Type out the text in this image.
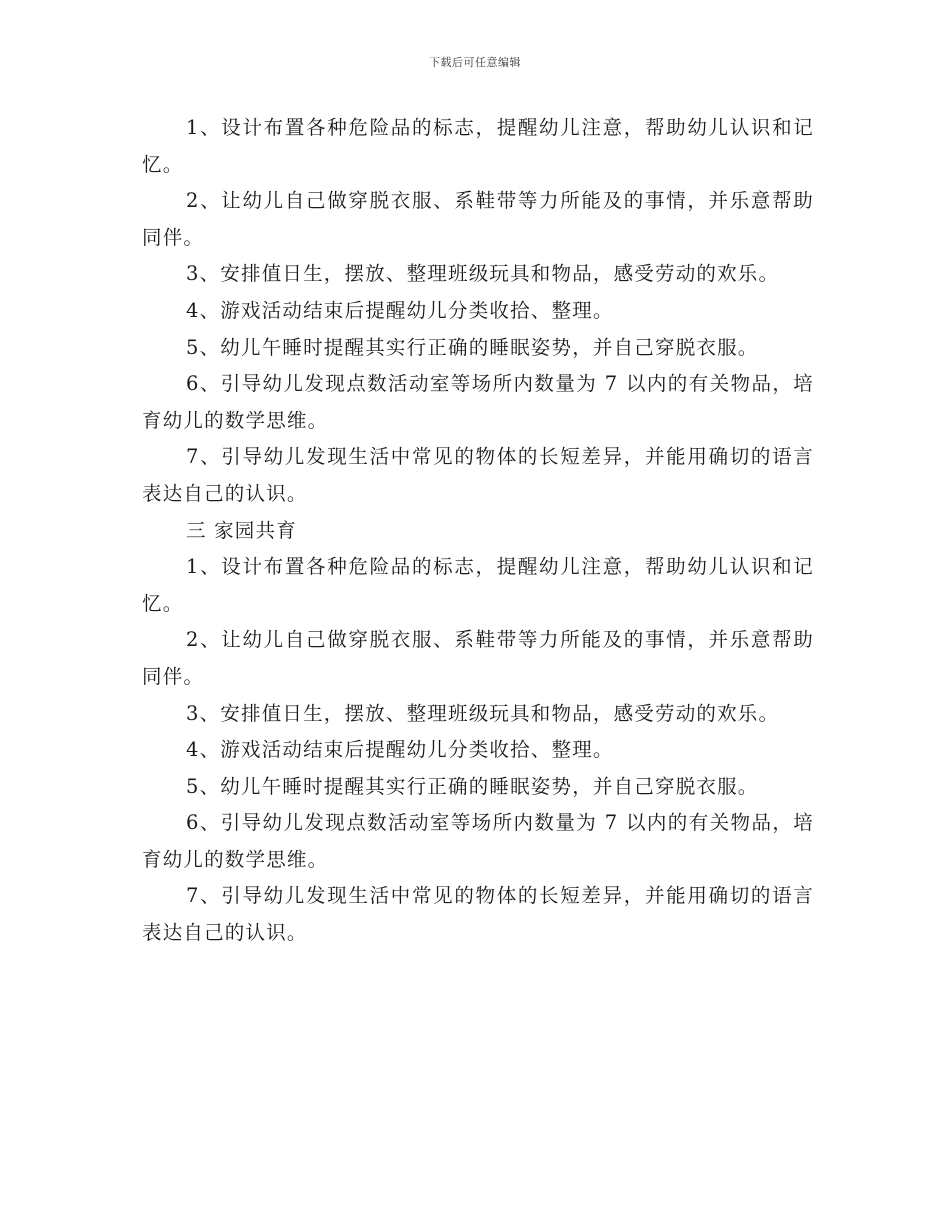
下载后可任意编辑

1、设计布置各种危险品的标志，提醒幼儿注意，帮助幼儿认识和记忆。

2、让幼儿自己做穿脱衣服、系鞋带等力所能及的事情，并乐意帮助同伴。

3、安排值日生，摆放、整理班级玩具和物品，感受劳动的欢乐。

4、游戏活动结束后提醒幼儿分类收拾、整理。

5、幼儿午睡时提醒其实行正确的睡眠姿势，并自己穿脱衣服。

6、引导幼儿发现点数活动室等场所内数量为 7 以内的有关物品，培育幼儿的数学思维。

7、引导幼儿发现生活中常见的物体的长短差异，并能用确切的语言表达自己的认识。

三 家园共育

1、设计布置各种危险品的标志，提醒幼儿注意，帮助幼儿认识和记忆。

2、让幼儿自己做穿脱衣服、系鞋带等力所能及的事情，并乐意帮助同伴。

3、安排值日生，摆放、整理班级玩具和物品，感受劳动的欢乐。

4、游戏活动结束后提醒幼儿分类收拾、整理。

5、幼儿午睡时提醒其实行正确的睡眠姿势，并自己穿脱衣服。

6、引导幼儿发现点数活动室等场所内数量为 7 以内的有关物品，培育幼儿的数学思维。

7、引导幼儿发现生活中常见的物体的长短差异，并能用确切的语言表达自己的认识。
